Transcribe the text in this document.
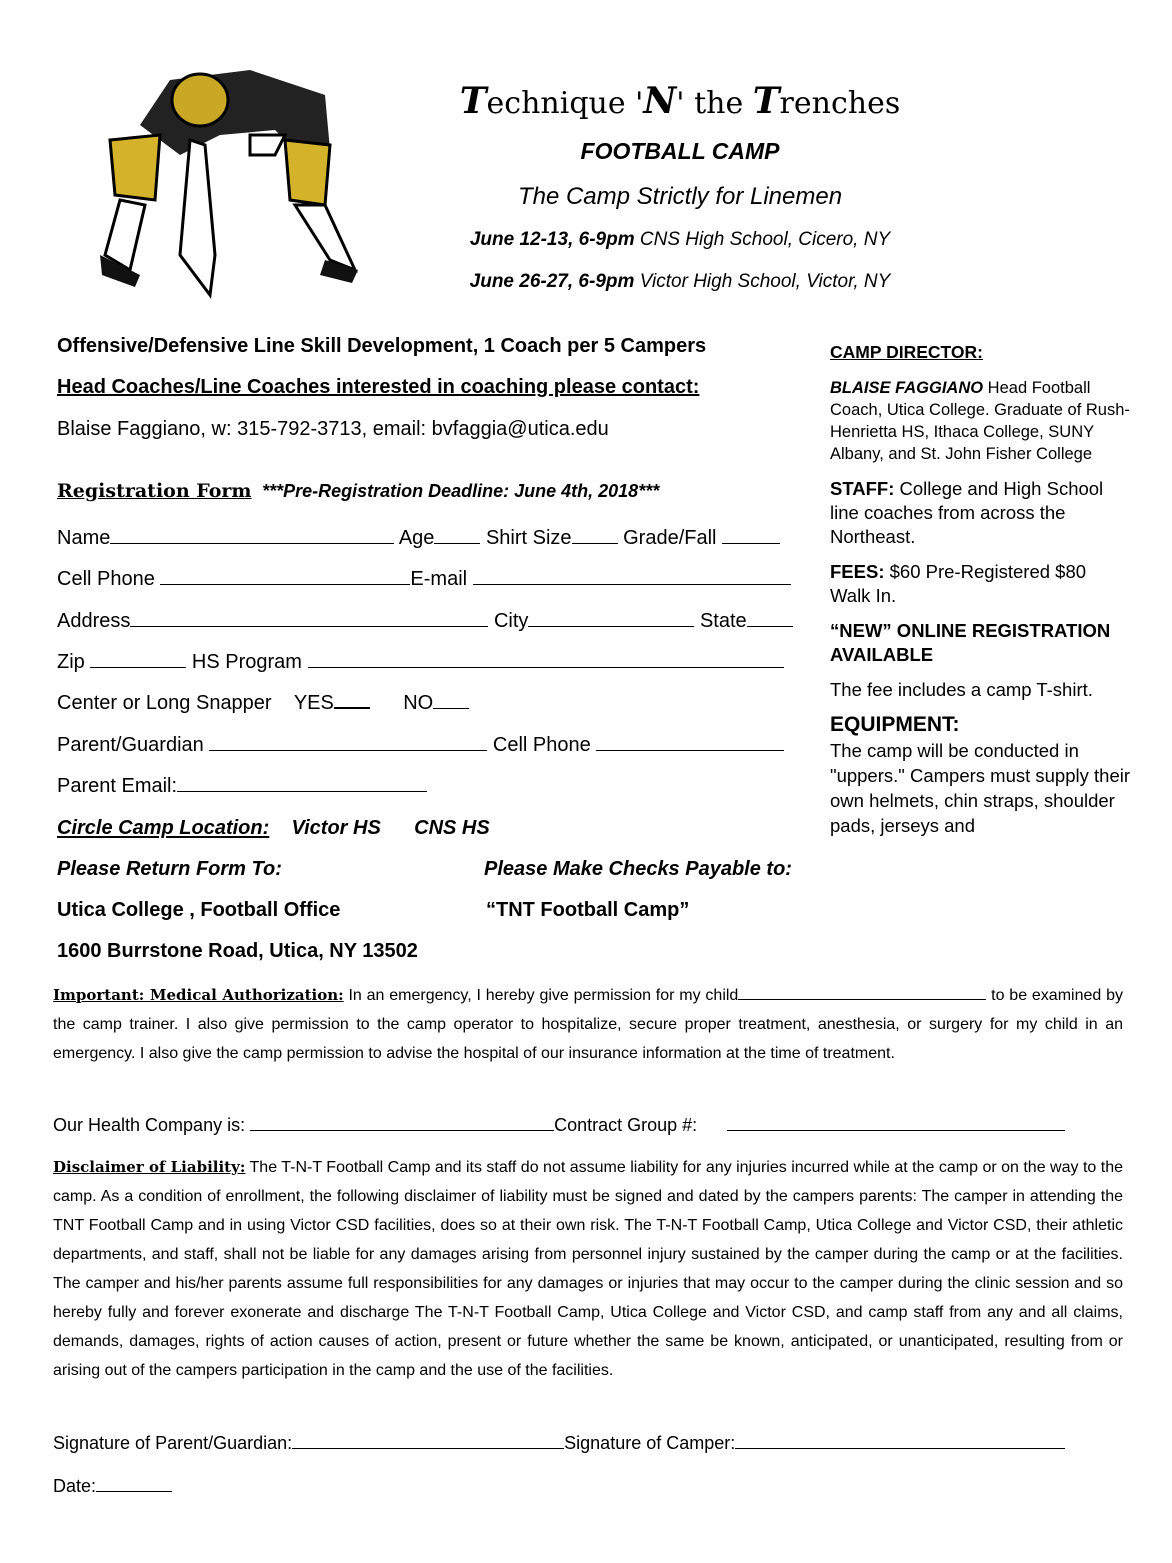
Technique 'N' the Trenches
FOOTBALL CAMP
The Camp Strictly for Linemen
June 12-13, 6-9pm CNS High School, Cicero, NY
June 26-27, 6-9pm Victor High School, Victor, NY
Offensive/Defensive Line Skill Development, 1 Coach per 5 Campers
Head Coaches/Line Coaches interested in coaching please contact:
Blaise Faggiano, w: 315-792-3713, email: bvfaggia@utica.edu
Registration Form ***Pre-Registration Deadline: June 4th, 2018***
Name	Age	Shirt Size	Grade/Fall
Cell Phone	E-mail
Address	City	State
Zip	HS Program
Center or Long Snapper YES	NO
Parent/Guardian	Cell Phone
Parent Email:
Circle Camp Location: Victor HS CNS HS
Please Return Form To:	Please Make Checks Payable to:
Utica College , Football Office	“TNT Football Camp”
1600 Burrstone Road, Utica, NY 13502

CAMP DIRECTOR:

BLAISE FAGGIANO Head Football Coach, Utica College. Graduate of Rush-Henrietta HS, Ithaca College, SUNY Albany, and St. John Fisher College

STAFF: College and High School line coaches from across the Northeast.

FEES: $60 Pre-Registered $80 Walk In.

“NEW” ONLINE REGISTRATION AVAILABLE

The fee includes a camp T-shirt.

EQUIPMENT:

The camp will be conducted in "uppers." Campers must supply their own helmets, chin straps, shoulder pads, jerseys and

Important: Medical Authorization: In an emergency, I hereby give permission for my child	to be examined by the camp trainer. I also give permission to the camp operator to hospitalize, secure proper treatment, anesthesia, or surgery for my child in an emergency. I also give the camp permission to advise the hospital of our insurance information at the time of treatment.
Our Health Company is:	Contract Group #:
Disclaimer of Liability: The T-N-T Football Camp and its staff do not assume liability for any injuries incurred while at the camp or on the way to the camp. As a condition of enrollment, the following disclaimer of liability must be signed and dated by the campers parents: The camper in attending the TNT Football Camp and in using Victor CSD facilities, does so at their own risk. The T-N-T Football Camp, Utica College and Victor CSD, their athletic departments, and staff, shall not be liable for any damages arising from personnel injury sustained by the camper during the camp or at the facilities. The camper and his/her parents assume full responsibilities for any damages or injuries that may occur to the camper during the clinic session and so hereby fully and forever exonerate and discharge The T-N-T Football Camp, Utica College and Victor CSD, and camp staff from any and all claims, demands, damages, rights of action causes of action, present or future whether the same be known, anticipated, or unanticipated, resulting from or arising out of the campers participation in the camp and the use of the facilities.
Signature of Parent/Guardian:	Signature of Camper:
Date:
